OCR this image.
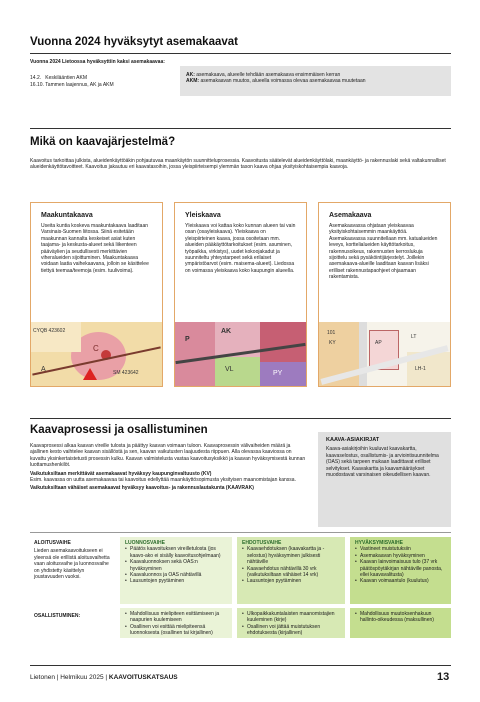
Vuonna 2024 hyväksytyt asemakaavat
Vuonna 2024 Lietoossa hyväksyttiin kaksi asemakaavaa:
14.2. Keskilääntien AKM
16.10. Tammen laajennus, AK ja AKM
AK: asemakaava, alueelle tehdään asemakaava ensimmäisen kerran
AKM: asemakaavan muutos, alueella voimassa olevaa asemakaavaa muutetaan
Mikä on kaavajärjestelmä?
Kaavoitus tarkoittaa julkista, alueidenkäyttöäkin pohjautuvaa maankäytön suunnitteluprosessia. Kaavoitusta säätelevät alueidenkäyttölaki, maankäyttö- ja rakennuslaki sekä valtakunnalliset alueidenkäyttötavoitteet. Kaavoitus jakautuu eri kaavatasoihin, jossa yleispiirteisempi ylemmän tason kaava ohjaa yksityiskohtaisempia kaavoja.
Maakuntakaava
Useita kuntia koskeva maakuntakaava laaditaan Varsinais-Suomen liitossa. Siinä esitetään maakunnan kannalta keskeiset asiat kuten taajama- ja keskusta-alueet sekä liikenteen pääväylien ja seudullisesti merkittävien viheralueiden sijoittuminen. Maakuntakaava voidaan laatia vaihekaavana, jolloin se käsittelee tiettyä teemaa/teemoja (esim. tuulivoima).
Yleiskaava
Yleiskaava voi kattaa koko kunnan alueen tai vain osan (osayleiskaava). Yleiskaava on yleispiirteinen kaava, jossa osoitetaan mm. alueiden pääkäyttötarkoitukset (esim. asuminen, työpaikka, virkistys), uudet kokoojakadut ja suunniteltu yhteystarpeet sekä erilaiset ympäristöarvot (esim. maisema-alueet). Liedossa on voimassa yleiskaava koko kaupungin alueella.
Asemakaava
Asemakaavassa ohjataan yleiskaavaa yksityiskohtaisemmin maankäyttöä. Asemakaavassa suunnitellaan mm. katualueiden leveys, korttelialueiden käyttötarkoitus, rakennusoikeus, rakennusten kerroslukuja sijoittelu sekä pysäköintijärjestelyt. Joillekin asemakaava-alueille laaditaan kaavan lisäksi erilliset rakennustapaohjeet ohjaamaan rakentamista.
CYQB 423602
C
A	SM 423642
AK
P
VL
PY
101
KY	AP
LT
LH-1
Kaavaprosessi ja osallistuminen
Kaavaprosessi alkaa kaavan vireille tulosta ja päättyy kaavan voimaan tuloon. Kaavaprosessin välivaiheiden määrä ja ajallinen kesto vaihtelee kaavan sisällöstä ja sen, kaavan vaikutusten laajuudesta riippuen. Alla olevassa kaaviossa on kuvattu yksinkertaistetusti prosessin kulku. Kaavan valmistelusta vastaa kaavoitusyksikkö ja kaavan hyväksymisestä kunnan luottamushenkilöt.
Vaikutuksiltaan merkittävät asemakaavat hyväksyy kaupunginvaltuusto (KV)
Esim. kaavassa on uutta asemakaavaa tai kaavoitus edellyttää maankäyttösopimusta yksityisen maanomistajan kanssa.
Vaikutuksiltaan vähäiset asemakaavat hyväksyy kaavoitus- ja rakennuslautakunta (KAAVRAK)
KAAVA-ASIAKIRJAT
Kaava-asiakirjoihin kuuluvat kaavakartta, kaavaselostus, osallistumis- ja arviointisuunnitelma (OAS) sekä tarpeen mukaan laadittavat erilliset selvitykset. Kaavakartta ja kaavamääräykset muodostavat varsinaisen oikeudellisen kaavan.
ALOITUSVAIHE
Lieden asemakaavoitukseen ei yleensä ole erillistä aloitusvaihetta vaan aloitusvaihe ja luonnosvaihe on yhdistetty käsittelyn joustavuuden vuoksi.
LUONNOSVAIHE
• Päätös kaavoituksen vireilletulosta (jos kaavo-ako ei sisälly kaavoitusohjelmaan)
• Kaavaluonnoksen sekä OAS:n hyväksyminen
• Kaavaluonnos ja OAS nähtävillä
• Lausuntojen pyytäminen
EHDOTUSVAIHE
• Kaavaehdotuksen (kaavakartta ja -selostus) hyväksyminen julkisesti nähtäville
• Kaavaehdotus nähtävillä 30 vrk (vaikutuksiltaan vähäiset 14 vrk)
• Lausuntojen pyytäminen
HYVÄKSYMISVAIHE
• Vastineet muistutuksiin
• Asemakaavan hyväksyminen
• Kaavan lainvoimaisuus tulo (37 vrk päätöspöytäkirjan nähtäville panosta, ellei kaavavalitusta)
• Kaavan voimaantulo (kuulutus)
OSALLISTUMINEN:
•	Mahdollisuus mielipiteen esittämiseen ja naapurien kuulemiseen
• Osallinen voi esittää mielipiteensä luonnoksesta (osallinen tai kirjallinen)
• Ulkopaikkakuntalaisten maanomistajien kuuleminen (kirje)
• Osallinen voi jättää muistutuksen ehdotuksesta (kirjallinen)
• Mahdollisuus muutoksenhakuun hallinto-oikeudessa (maksullinen)
Lietonen | Helmikuu 2025 | KAAVOITUSKATSAUS	13
